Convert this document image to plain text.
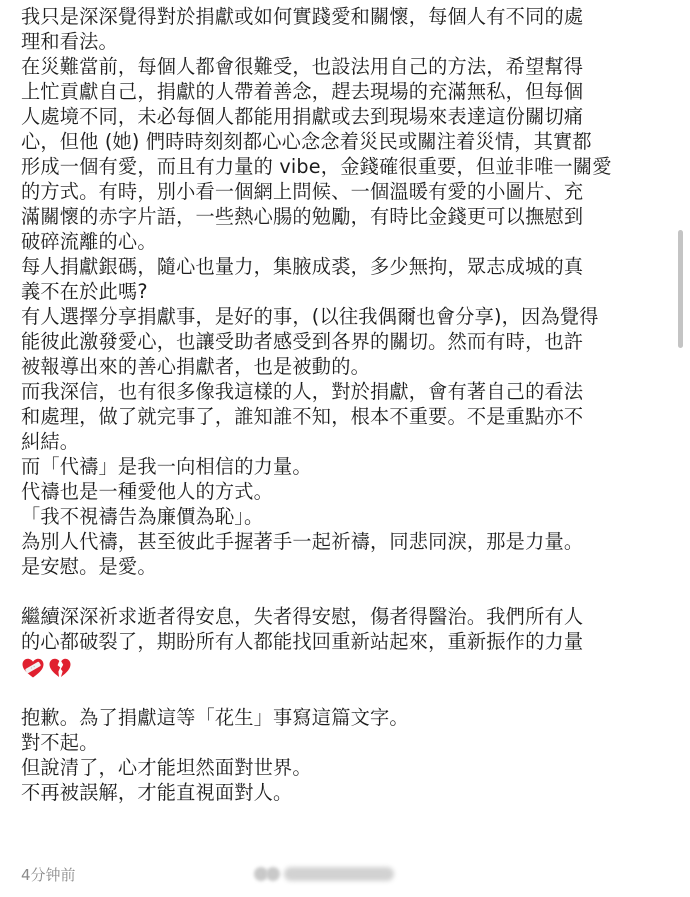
我只是深深覺得對於捐獻或如何實踐愛和關懷，每個人有不同的處
理和看法。
在災難當前，每個人都會很難受，也設法用自己的方法，希望幫得
上忙貢獻自己，捐獻的人帶着善念，趕去現場的充滿無私，但每個
人處境不同，未必每個人都能用捐獻或去到現場來表達這份關切痛
心，但他 (她) 們時時刻刻都心心念念着災民或關注着災情，其實都
形成一個有愛，而且有力量的 vibe，金錢確很重要，但並非唯一關愛
的方式。有時，別小看一個網上問候、一個溫暖有愛的小圖片、充
滿關懷的赤字片語，一些熱心腸的勉勵，有時比金錢更可以撫慰到
破碎流離的心。
每人捐獻銀碼，隨心也量力，集腋成裘，多少無拘，眾志成城的真
義不在於此嗎?
有人選擇分享捐獻事，是好的事，(以往我偶爾也會分享)，因為覺得
能彼此激發愛心，也讓受助者感受到各界的關切。然而有時，也許
被報導出來的善心捐獻者，也是被動的。
而我深信，也有很多像我這樣的人，對於捐獻，會有著自己的看法
和處理，做了就完事了，誰知誰不知，根本不重要。不是重點亦不
糾結。
而「代禱」是我一向相信的力量。
代禱也是一種愛他人的方式。
「我不視禱告為廉價為恥」。
為別人代禱，甚至彼此手握著手一起祈禱，同悲同淚，那是力量。
是安慰。是愛。
繼續深深祈求逝者得安息，失者得安慰，傷者得醫治。我們所有人
的心都破裂了，期盼所有人都能找回重新站起來，重新振作的力量
抱歉。為了捐獻這等「花生」事寫這篇文字。
對不起。
但說清了，心才能坦然面對世界。
不再被誤解，才能直視面對人。
4分钟前
